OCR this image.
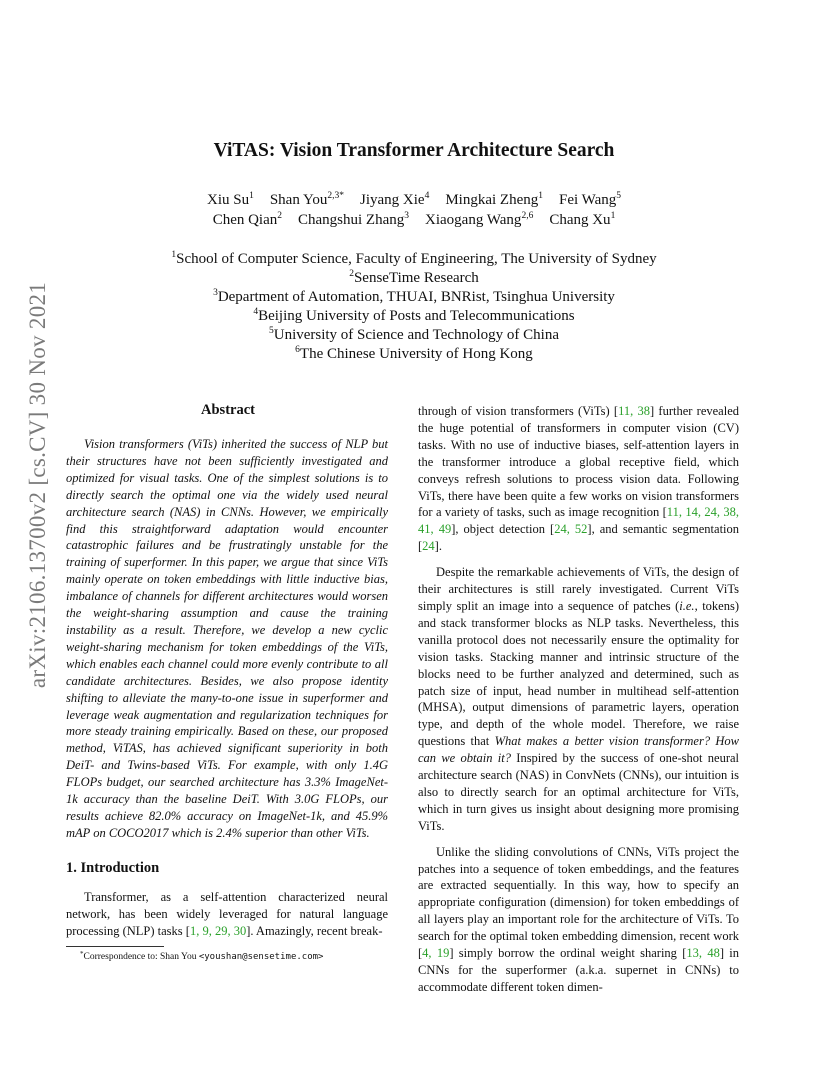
arXiv:2106.13700v2 [cs.CV] 30 Nov 2021
ViTAS: Vision Transformer Architecture Search
Xiu Su$^1$ Shan You$^{2,3*}$ Jiyang Xie$^4$ Mingkai Zheng$^1$ Fei Wang$^5$
Chen Qian$^2$ Changshui Zhang$^3$ Xiaogang Wang$^{2,6}$ Chang Xu$^1$
$^1$School of Computer Science, Faculty of Engineering, The University of Sydney
$^2$SenseTime Research
$^3$Department of Automation, THUAI, BNRist, Tsinghua University
$^4$Beijing University of Posts and Telecommunications
$^5$University of Science and Technology of China
$^6$The Chinese University of Hong Kong
Abstract

Vision transformers (ViTs) inherited the success of NLP but their structures have not been sufficiently investigated and optimized for visual tasks. One of the simplest solutions is to directly search the optimal one via the widely used neural architecture search (NAS) in CNNs. However, we empirically find this straightforward adaptation would encounter catastrophic failures and be frustratingly unstable for the training of superformer. In this paper, we argue that since ViTs mainly operate on token embeddings with little inductive bias, imbalance of channels for different architectures would worsen the weight-sharing assumption and cause the training instability as a result. Therefore, we develop a new cyclic weight-sharing mechanism for token embeddings of the ViTs, which enables each channel could more evenly contribute to all candidate architectures. Besides, we also propose identity shifting to alleviate the many-to-one issue in superformer and leverage weak augmentation and regularization techniques for more steady training empirically. Based on these, our proposed method, ViTAS, has achieved significant superiority in both DeiT- and Twins-based ViTs. For example, with only 1.4G FLOPs budget, our searched architecture has 3.3% ImageNet-1k accuracy than the baseline DeiT. With 3.0G FLOPs, our results achieve 82.0% accuracy on ImageNet-1k, and 45.9% mAP on COCO2017 which is 2.4% superior than other ViTs.

1. Introduction

Transformer, as a self-attention characterized neural network, has been widely leveraged for natural language processing (NLP) tasks [1, 9, 29, 30]. Amazingly, recent break-

through of vision transformers (ViTs) [11, 38] further revealed the huge potential of transformers in computer vision (CV) tasks. With no use of inductive biases, self-attention layers in the transformer introduce a global receptive field, which conveys refresh solutions to process vision data. Following ViTs, there have been quite a few works on vision transformers for a variety of tasks, such as image recognition [11, 14, 24, 38, 41, 49], object detection [24, 52], and semantic segmentation [24].

Despite the remarkable achievements of ViTs, the design of their architectures is still rarely investigated. Current ViTs simply split an image into a sequence of patches (i.e., tokens) and stack transformer blocks as NLP tasks. Nevertheless, this vanilla protocol does not necessarily ensure the optimality for vision tasks. Stacking manner and intrinsic structure of the blocks need to be further analyzed and determined, such as patch size of input, head number in multihead self-attention (MHSA), output dimensions of parametric layers, operation type, and depth of the whole model. Therefore, we raise questions that What makes a better vision transformer? How can we obtain it? Inspired by the success of one-shot neural architecture search (NAS) in ConvNets (CNNs), our intuition is also to directly search for an optimal architecture for ViTs, which in turn gives us insight about designing more promising ViTs.

Unlike the sliding convolutions of CNNs, ViTs project the patches into a sequence of token embeddings, and the features are extracted sequentially. In this way, how to specify an appropriate configuration (dimension) for token embeddings of all layers play an important role for the architecture of ViTs. To search for the optimal token embedding dimension, recent work [4, 19] simply borrow the ordinal weight sharing [13, 48] in CNNs for the superformer (a.k.a. supernet in CNNs) to accommodate different token dimen-

*Correspondence to: Shan You <youshan@sensetime.com>
